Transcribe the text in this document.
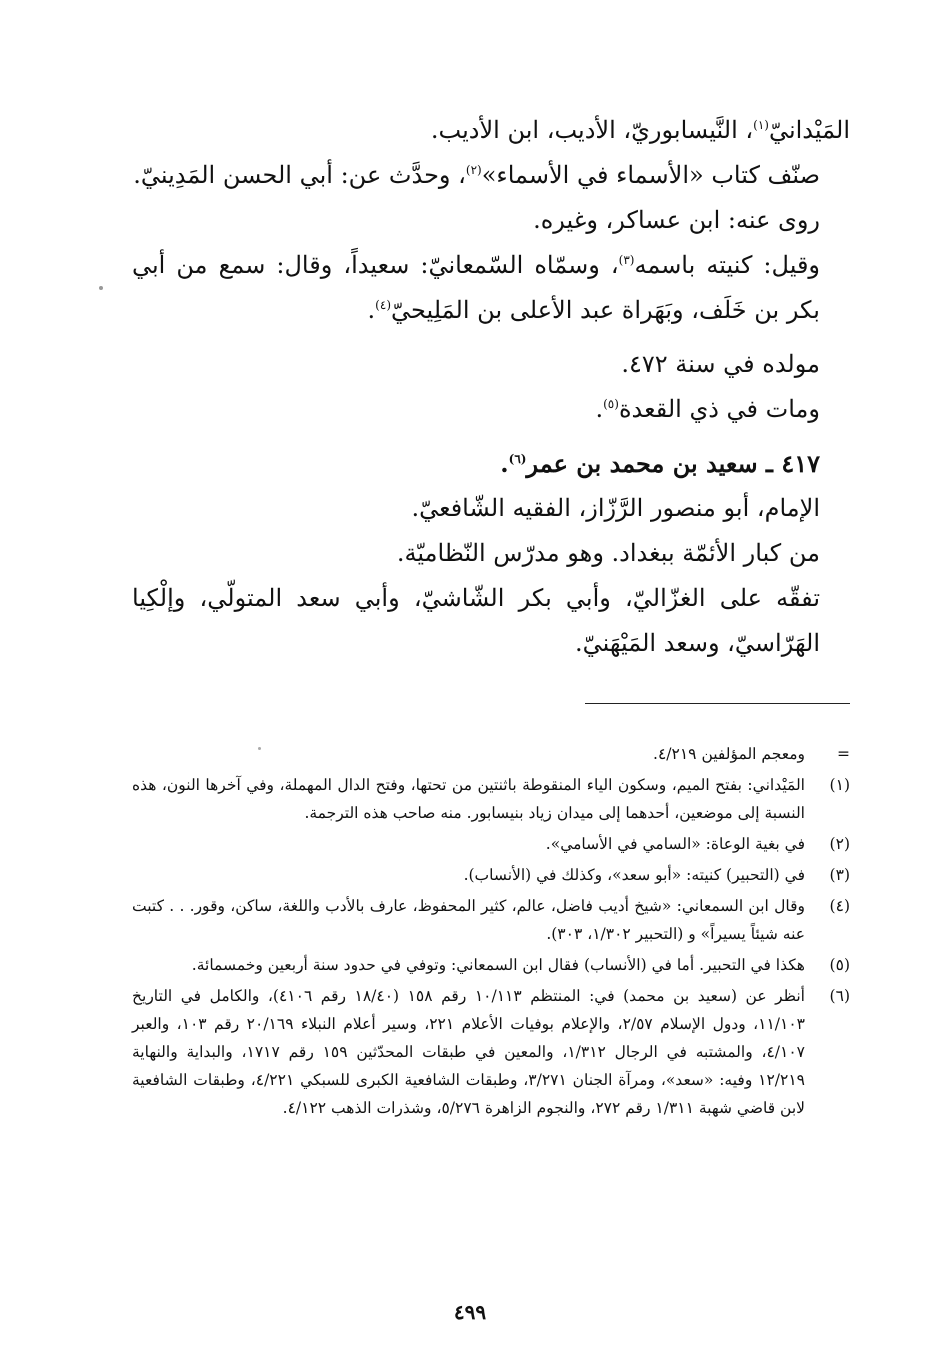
المَيْدانيّ$^{(١)}$، النَّيسابوريّ، الأديب، ابن الأديب.

صنّف كتاب «الأسماء في الأسماء»$^{(٢)}$، وحدَّث عن: أبي الحسن المَدِينيّ.

روى عنه: ابن عساكر، وغيره.

وقيل: كنيته باسمه$^{(٣)}$، وسمّاه السّمعانيّ: سعيداً، وقال: سمع من أبي بكر بن خَلَف، وبَهَراة عبد الأعلى بن المَلِيحيّ$^{(٤)}$.

مولده في سنة ٤٧٢.

ومات في ذي القعدة$^{(٥)}$.

٤١٧ ـ سعيد بن محمد بن عمر$^{(٦)}$.

الإمام، أبو منصور الرَّزّاز، الفقيه الشّافعيّ.

من كبار الأئمّة ببغداد. وهو مدرّس النّظاميّة.

تفقّه على الغزّاليّ، وأبي بكر الشّاشيّ، وأبي سعد المتولّي، وإلْكِيا الهَرّاسيّ، وسعد المَيْهَنيّ.

=
ومعجم المؤلفين ٤/٢١٩.
(١)
المَيْداني: بفتح الميم، وسكون الياء المنقوطة باثنتين من تحتها، وفتح الدال المهملة، وفي آخرها النون، هذه النسبة إلى موضعين، أحدهما إلى ميدان زياد بنيسابور. منه صاحب هذه الترجمة.
(٢)
في بغية الوعاة: «السامي في الأسامي».
(٣)
في (التحبير) كنيته: «أبو سعد»، وكذلك في (الأنساب).
(٤)
وقال ابن السمعاني: «شيخ أديب فاضل، عالم، كثير المحفوظ، عارف بالأدب واللغة، ساكن، وقور. . . كتبت عنه شيئاً يسيراً» و (التحبير ١/٣٠٢، ٣٠٣).
(٥)
هكذا في التحبير. أما في (الأنساب) فقال ابن السمعاني: وتوفي في حدود سنة أربعين وخمسمائة.
(٦)
أنظر عن (سعيد بن محمد) في: المنتظم ١٠/١١٣ رقم ١٥٨ (١٨/٤٠ رقم ٤١٠٦)، والكامل في التاريخ ١١/١٠٣، ودول الإسلام ٢/٥٧، والإعلام بوفيات الأعلام ٢٢١، وسير أعلام النبلاء ٢٠/١٦٩ رقم ١٠٣، والعبر ٤/١٠٧، والمشتبه في الرجال ١/٣١٢، والمعين في طبقات المحدّثين ١٥٩ رقم ١٧١٧، والبداية والنهاية ١٢/٢١٩ وفيه: «سعد»، ومرآة الجنان ٣/٢٧١، وطبقات الشافعية الكبرى للسبكي ٤/٢٢١، وطبقات الشافعية لابن قاضي شهبة ١/٣١١ رقم ٢٧٢، والنجوم الزاهرة ٥/٢٧٦، وشذرات الذهب ٤/١٢٢.
٤٩٩
